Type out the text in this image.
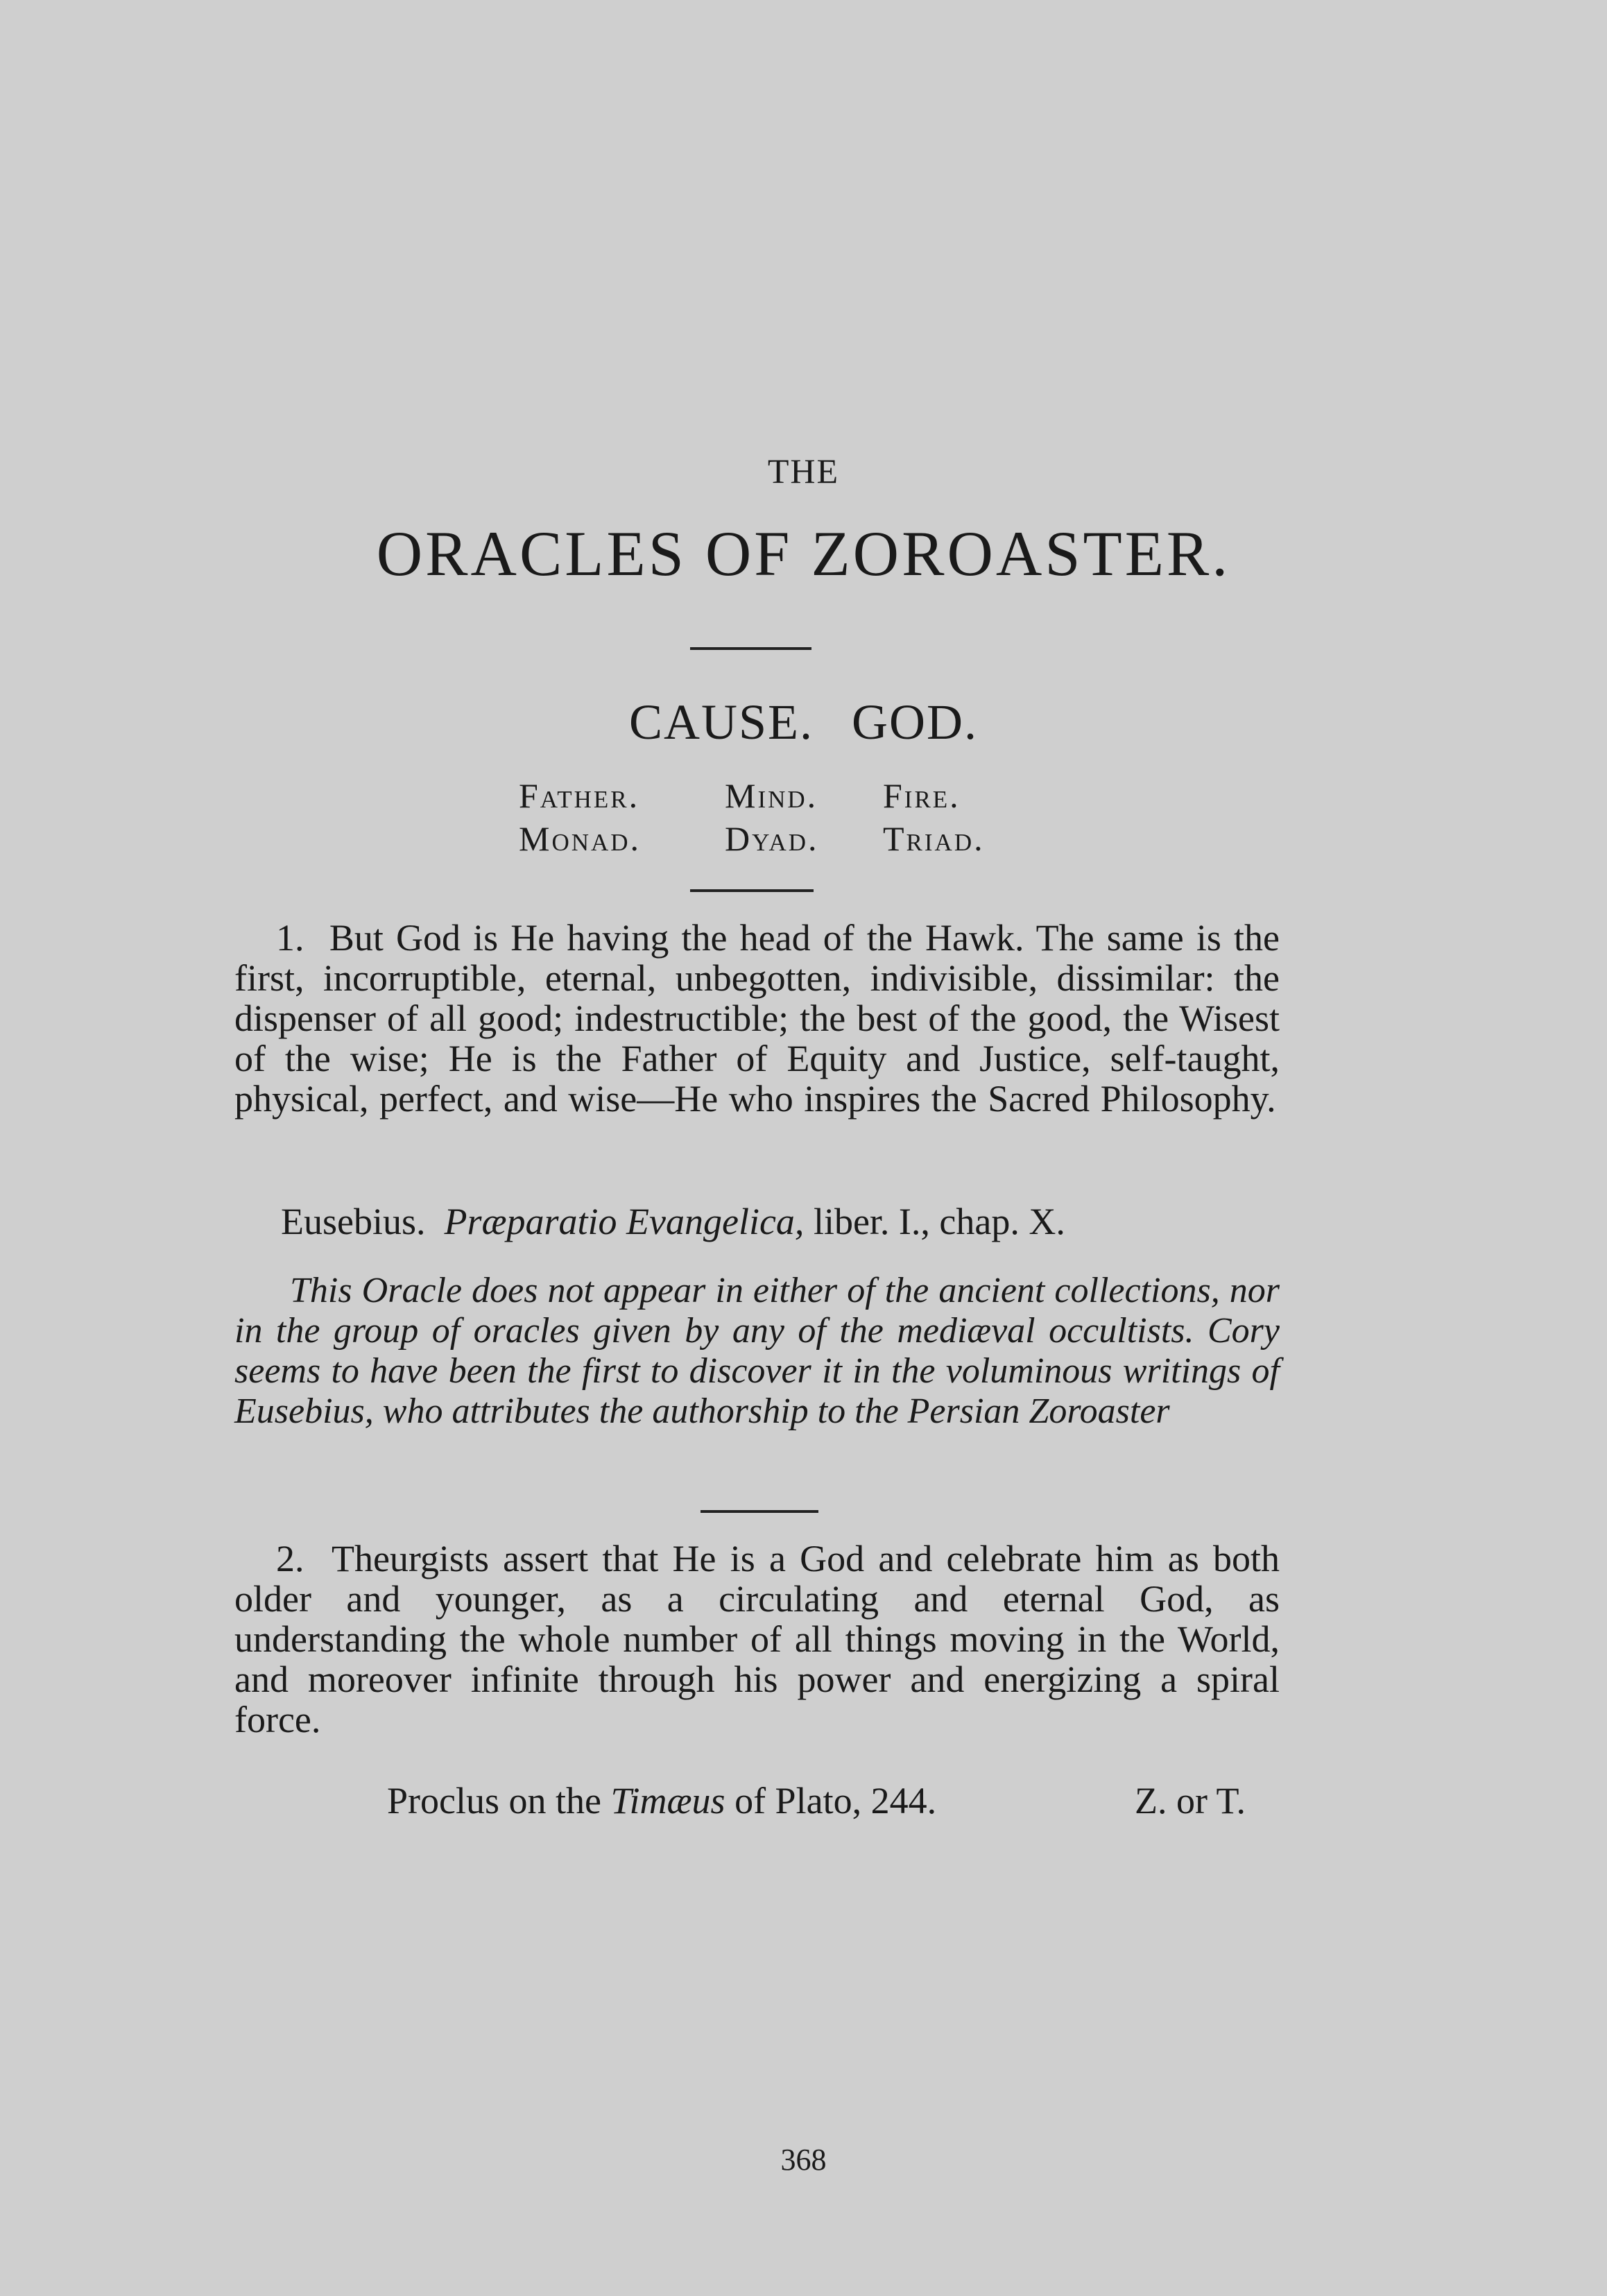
THE
ORACLES OF ZOROASTER.
CAUSE. GOD.
Father. Mind. Fire.
Monad. Dyad. Triad.
1. But God is He having the head of the Hawk. The same is the first, incorruptible, eternal, unbegotten, indivisible, dissimilar: the dispenser of all good; indestructible; the best of the good, the Wisest of the wise; He is the Father of Equity and Justice, self-taught, physical, perfect, and wise—He who inspires the Sacred Philosophy.
Eusebius. Præparatio Evangelica, liber. I., chap. X.
This Oracle does not appear in either of the ancient collections, nor in the group of oracles given by any of the mediæval occultists. Cory seems to have been the first to discover it in the voluminous writings of Eusebius, who attributes the authorship to the Persian Zoroaster
2. Theurgists assert that He is a God and celebrate him as both older and younger, as a circulating and eternal God, as understanding the whole number of all things moving in the World, and moreover infinite through his power and energizing a spiral force.
Proclus on the Timæus of Plato, 244.	Z. or T.
368
